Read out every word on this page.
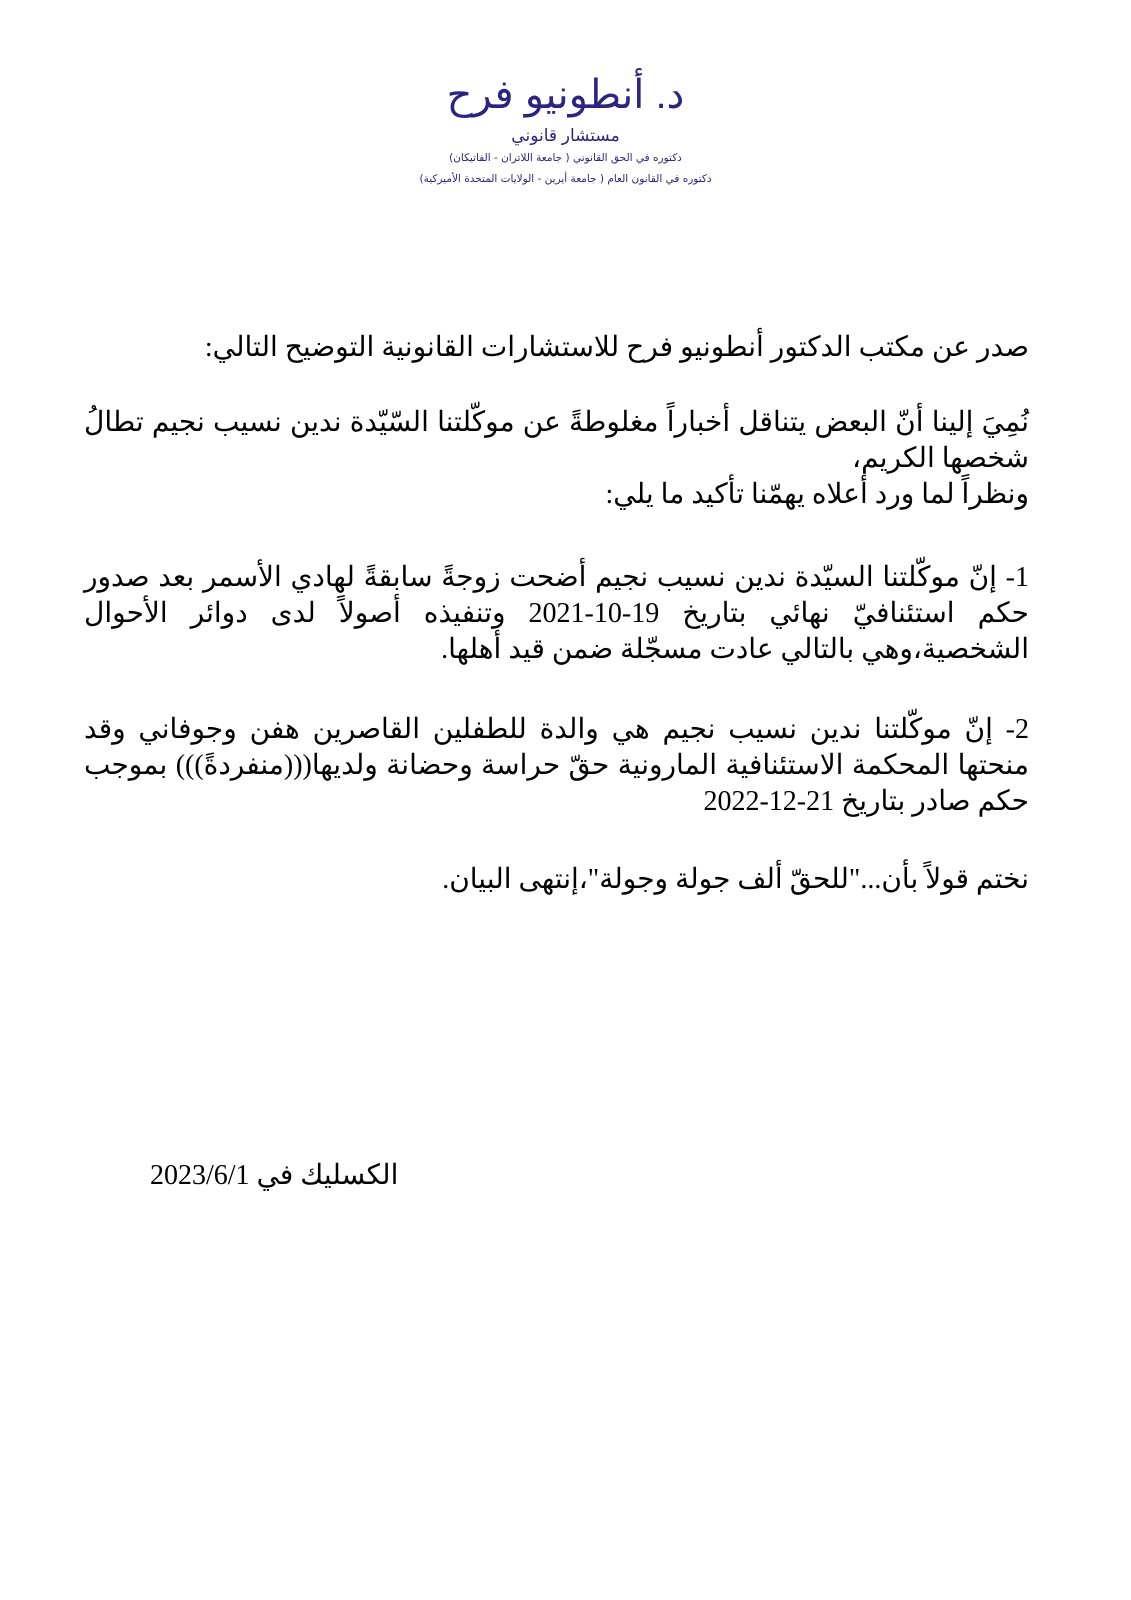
د. أنطونيو فرح
مستشار قانوني
دكتوره في الحق القانوني ( جامعة اللاتران - الفاتيكان)
دكتوره في القانون العام ( جامعة أيرين - الولايات المتحدة الأميركية)
صدر عن مكتب الدكتور أنطونيو فرح للاستشارات القانونية التوضيح التالي:
نُمِيَ إلينا أنّ البعض يتناقل أخباراً مغلوطةً عن موكّلتنا السّيّدة ندين نسيب نجيم تطالُ شخصها الكريم،
ونظراً لما ورد أعلاه يهمّنا تأكيد ما يلي:
1- إنّ موكّلتنا السيّدة ندين نسيب نجيم أضحت زوجةً سابقةً لهادي الأسمر بعد صدور حكم استئنافيّ نهائي بتاريخ 19-10-2021 وتنفيذه أصولاً لدى دوائر الأحوال الشخصية،وهي بالتالي عادت مسجّلة ضمن قيد أهلها.
2- إنّ موكّلتنا ندين نسيب نجيم هي والدة للطفلين القاصرين هفن وجوفاني وقد منحتها المحكمة الاستئنافية المارونية حقّ حراسة وحضانة ولديها(((منفردةً))) بموجب حكم صادر بتاريخ 21-12-2022
نختم قولاً بأن..."للحقّ ألف جولة وجولة"،إنتهى البيان.
الكسليك في 2023/6/1
